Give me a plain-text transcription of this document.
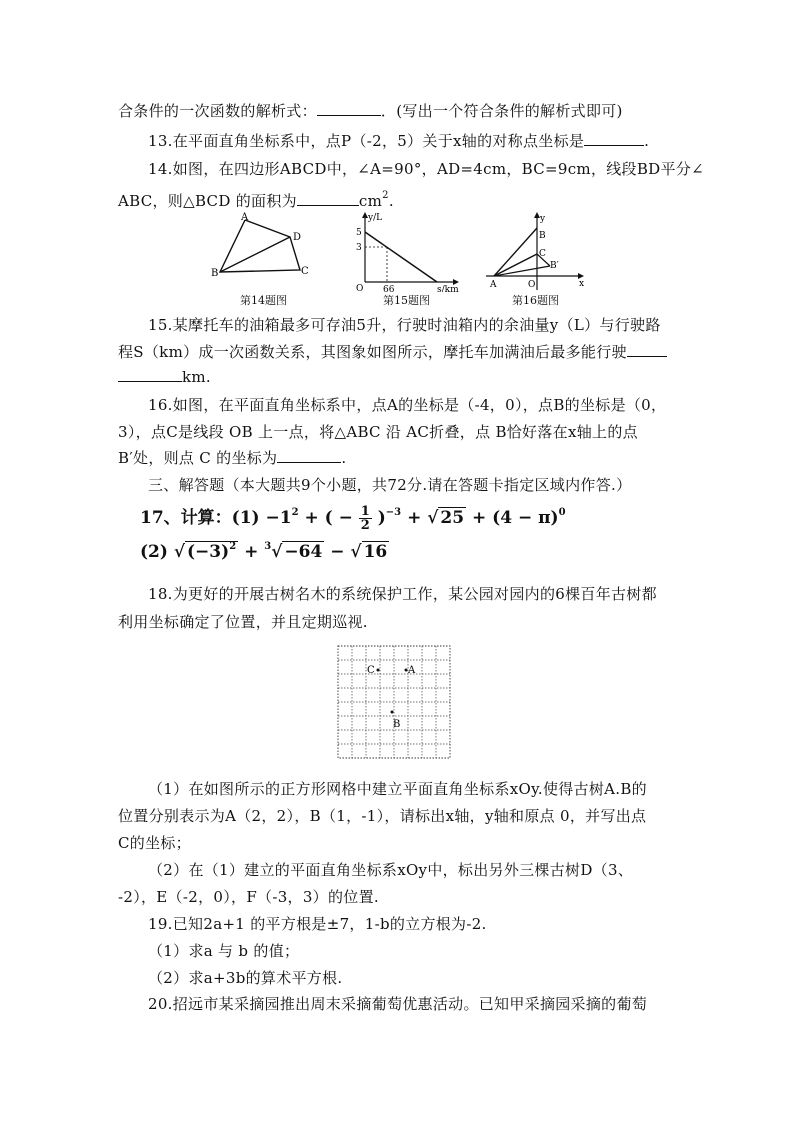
合条件的一次函数的解析式：	．(写出一个符合条件的解析式即可)
13.在平面直角坐标系中，点P（-2，5）关于x轴的对称点坐标是	.
14.如图，在四边形ABCD中，∠A=90°，AD=4cm，BC=9cm，线段BD平分∠
ABC，则△BCD 的面积为	$cm^2$.
A
B	C
D
第14题图
y/L
s/km
5
3
O 66
第15题图
y
x
B
C
B′
A	O
第16题图
15.某摩托车的油箱最多可存油5升，行驶时油箱内的余油量y（L）与行驶路
程S（km）成一次函数关系，其图象如图所示，摩托车加满油后最多能行驶
km.
16.如图，在平面直角坐标系中，点A的坐标是（-4，0），点B的坐标是（0，
3），点C是线段 OB 上一点，将△ABC 沿 AC折叠，点 B恰好落在x轴上的点
B′处，则点 C 的坐标为	.
三、解答题（本大题共9个小题，共72分.请在答题卡指定区域内作答.）
17、计算：$(1) -1^2$ + ( − $\frac{1}{2} )^{-3}$ + √ $25 + (4 - \pi)^0$
(2) √ $(-3)^2 + ^3√ -64$ − √ 16
18.为更好的开展古树名木的系统保护工作，某公园对园内的6棵百年古树都
利用坐标确定了位置，并且定期巡视.
C	A
B
（1）在如图所示的正方形网格中建立平面直角坐标系xOy.使得古树A.B的
位置分别表示为A（2，2），B（1，-1），请标出x轴，y轴和原点 0，并写出点
C的坐标；
（2）在（1）建立的平面直角坐标系xOy中，标出另外三棵古树D（3、
-2），E（-2，0），F（-3，3）的位置.
19.已知2a+1 的平方根是±7，1-b的立方根为-2.
（1）求a 与 b 的值；
（2）求a+3b的算术平方根.
20.招远市某采摘园推出周末采摘葡萄优惠活动。已知甲采摘园采摘的葡萄
